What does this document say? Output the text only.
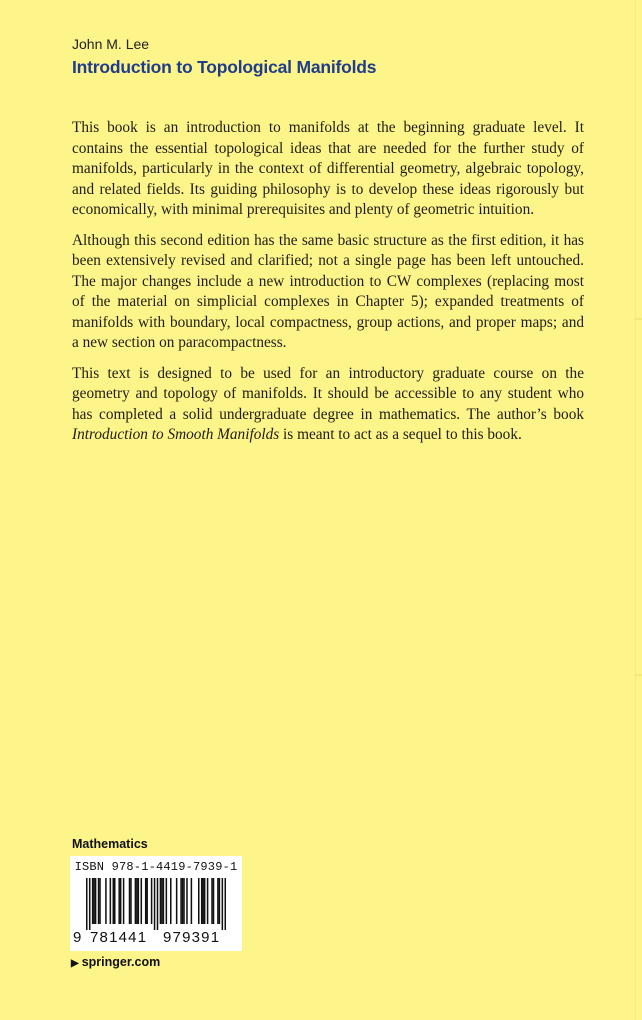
John M. Lee
Introduction to Topological Manifolds

This book is an introduction to manifolds at the beginning graduate level. It contains the essential topological ideas that are needed for the further study of manifolds, particularly in the context of differential geometry, algebraic topology, and related fields. Its guiding philosophy is to develop these ideas rigorously but economically, with minimal prerequisites and plenty of geometric intuition.

Although this second edition has the same basic structure as the first edition, it has been extensively revised and clarified; not a single page has been left untouched. The major changes include a new introduction to CW complexes (replacing most of the material on simplicial complexes in Chapter 5); expanded treatments of manifolds with boundary, local compactness, group actions, and proper maps; and a new section on paracompactness.

This text is designed to be used for an introductory graduate course on the geometry and topology of manifolds. It should be accessible to any student who has completed a solid undergraduate degree in mathematics. The author’s book Introduction to Smooth Manifolds is meant to act as a sequel to this book.

Mathematics
ISBN 978-1-4419-7939-1
9 781441 979391
▶ springer.com
